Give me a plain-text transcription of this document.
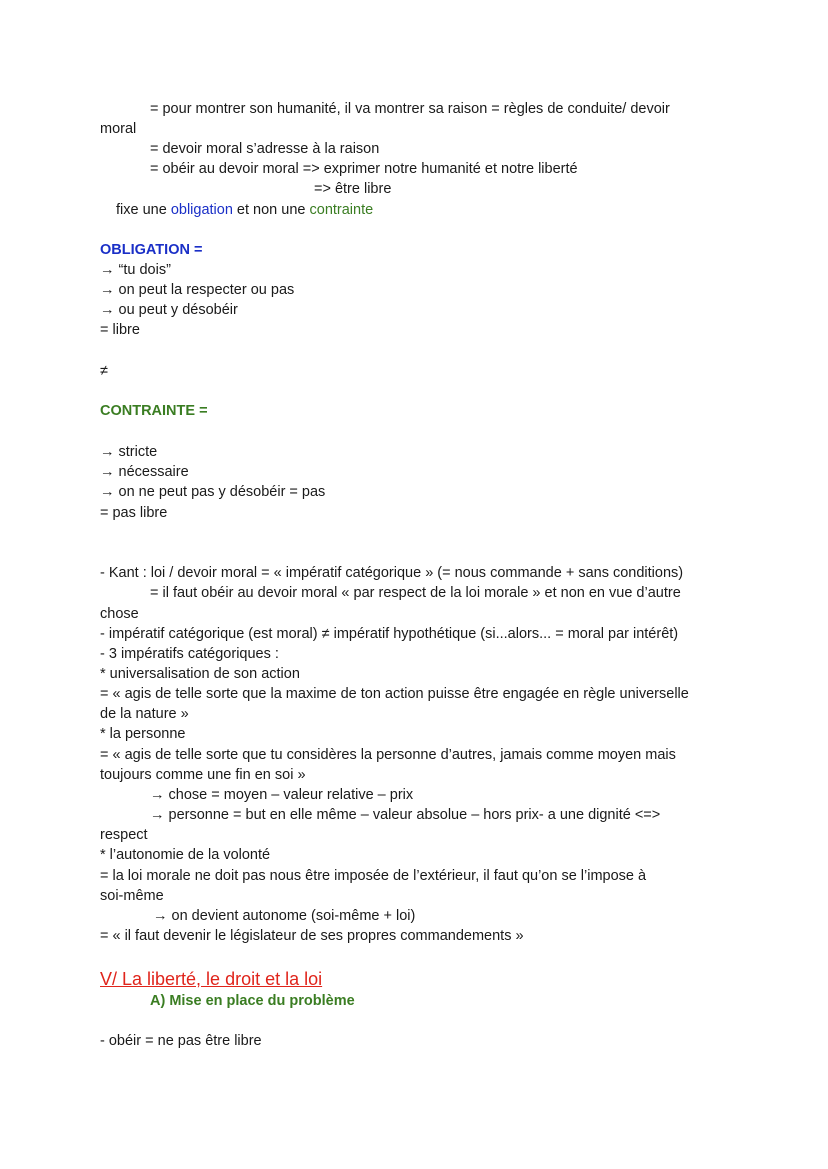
= pour montrer son humanité, il va montrer sa raison = règles de conduite/ devoir
moral
= devoir moral s’adresse à la raison
= obéir au devoir moral => exprimer notre humanité et notre liberté
=> être libre
fixe une obligation et non une contrainte
OBLIGATION =
→ “tu dois”
→ on peut la respecter ou pas
→ ou peut y désobéir
= libre
≠
CONTRAINTE =
→ stricte
→ nécessaire
→ on ne peut pas y désobéir = pas
= pas libre
- Kant : loi / devoir moral = « impératif catégorique » (= nous commande + sans conditions)
= il faut obéir au devoir moral « par respect de la loi morale » et non en vue d’autre
chose
- impératif catégorique (est moral) ≠ impératif hypothétique (si...alors... = moral par intérêt)
- 3 impératifs catégoriques :
* universalisation de son action
= « agis de telle sorte que la maxime de ton action puisse être engagée en règle universelle
de la nature »
* la personne
= « agis de telle sorte que tu considères la personne d’autres, jamais comme moyen mais
toujours comme une fin en soi »
→ chose = moyen – valeur relative – prix
→ personne = but en elle même – valeur absolue – hors prix- a une dignité <=>
respect
* l’autonomie de la volonté
= la loi morale ne doit pas nous être imposée de l’extérieur, il faut qu’on se l’impose à
soi-même
→ on devient autonome (soi-même + loi)
= « il faut devenir le législateur de ses propres commandements »
V/ La liberté, le droit et la loi
A) Mise en place du problème
- obéir = ne pas être libre
